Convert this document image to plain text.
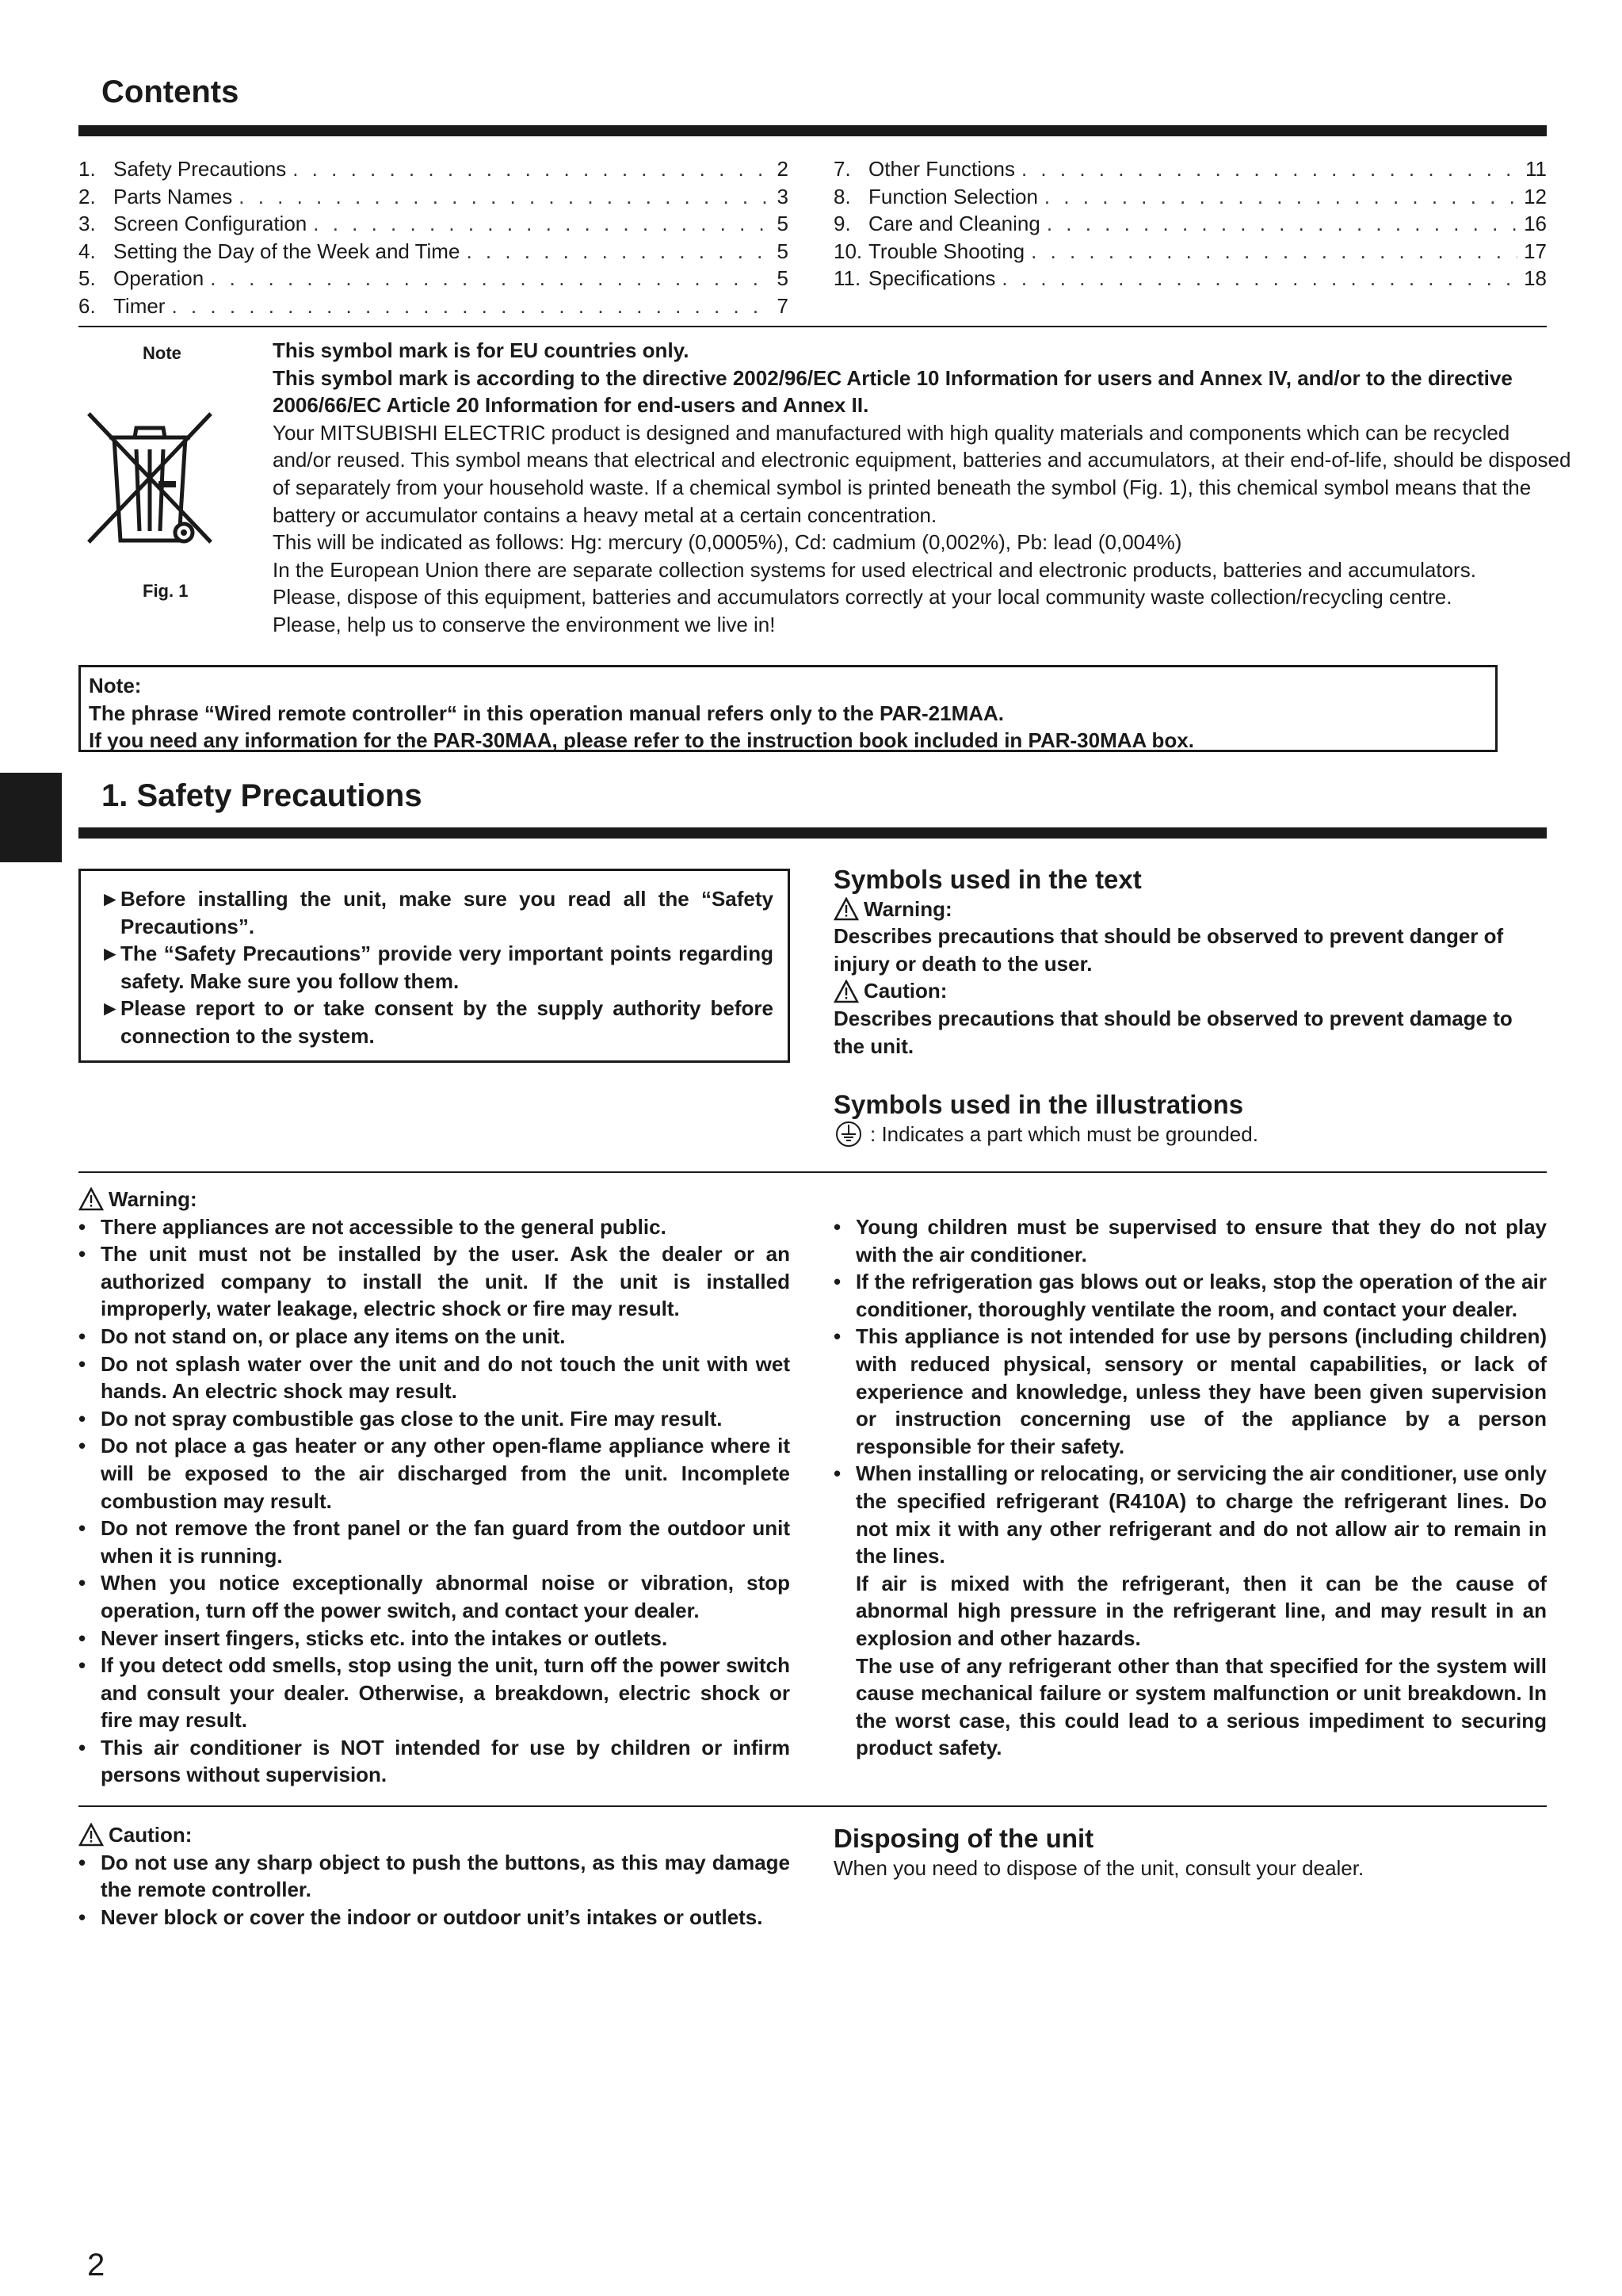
Contents
1. Safety Precautions . . .	2
2. Parts Names . . .	3
3. Screen Configuration . . .	5
4. Setting the Day of the Week and Time . . .	5
5. Operation . . .	5
6. Timer . . .	7
7. Other Functions . . .	11
8. Function Selection . . .	12
9. Care and Cleaning . . .	16
10. Trouble Shooting . . .	17
11. Specifications . . .	18
Note
Fig. 1

This symbol mark is for EU countries only.

This symbol mark is according to the directive 2002/96/EC Article 10 Information for users and Annex IV, and/or to the directive 2006/66/EC Article 20 Information for end-users and Annex II.

Your MITSUBISHI ELECTRIC product is designed and manufactured with high quality materials and components which can be recycled and/or reused. This symbol means that electrical and electronic equipment, batteries and accumulators, at their end-of-life, should be disposed of separately from your household waste. If a chemical symbol is printed beneath the symbol (Fig. 1), this chemical symbol means that the battery or accumulator contains a heavy metal at a certain concentration.

This will be indicated as follows: Hg: mercury (0,0005%), Cd: cadmium (0,002%), Pb: lead (0,004%)

In the European Union there are separate collection systems for used electrical and electronic products, batteries and accumulators.

Please, dispose of this equipment, batteries and accumulators correctly at your local community waste collection/recycling centre.

Please, help us to conserve the environment we live in!

Note:

The phrase “Wired remote controller“ in this operation manual refers only to the PAR-21MAA.

If you need any information for the PAR-30MAA, please refer to the instruction book included in PAR-30MAA box.

1. Safety Precautions
► Before installing the unit, make sure you read all the “Safety Precautions”.
► The “Safety Precautions” provide very important points regarding safety. Make sure you follow them.
► Please report to or take consent by the supply authority before connection to the system.
Symbols used in the text
Warning:
Describes precautions that should be observed to prevent danger of injury or death to the user.
Caution:
Describes precautions that should be observed to prevent damage to the unit.
Symbols used in the illustrations
: Indicates a part which must be grounded.
Warning:
• There appliances are not accessible to the general public.
• The unit must not be installed by the user. Ask the dealer or an authorized company to install the unit. If the unit is installed improperly, water leakage, electric shock or fire may result.
• Do not stand on, or place any items on the unit.
• Do not splash water over the unit and do not touch the unit with wet hands. An electric shock may result.
• Do not spray combustible gas close to the unit. Fire may result.
• Do not place a gas heater or any other open-flame appliance where it will be exposed to the air discharged from the unit. Incomplete combustion may result.
• Do not remove the front panel or the fan guard from the outdoor unit when it is running.
• When you notice exceptionally abnormal noise or vibration, stop operation, turn off the power switch, and contact your dealer.
• Never insert fingers, sticks etc. into the intakes or outlets.
• If you detect odd smells, stop using the unit, turn off the power switch and consult your dealer. Otherwise, a breakdown, electric shock or fire may result.
• This air conditioner is NOT intended for use by children or infirm persons without supervision.
• Young children must be supervised to ensure that they do not play with the air conditioner.
• If the refrigeration gas blows out or leaks, stop the operation of the air conditioner, thoroughly ventilate the room, and contact your dealer.
• This appliance is not intended for use by persons (including children) with reduced physical, sensory or mental capabilities, or lack of experience and knowledge, unless they have been given supervision or instruction concerning use of the appliance by a person responsible for their safety.
• When installing or relocating, or servicing the air conditioner, use only the specified refrigerant (R410A) to charge the refrigerant lines. Do not mix it with any other refrigerant and do not allow air to remain in the lines.

If air is mixed with the refrigerant, then it can be the cause of abnormal high pressure in the refrigerant line, and may result in an explosion and other hazards.

The use of any refrigerant other than that specified for the system will cause mechanical failure or system malfunction or unit breakdown. In the worst case, this could lead to a serious impediment to securing product safety.

Caution:
• Do not use any sharp object to push the buttons, as this may damage the remote controller.
• Never block or cover the indoor or outdoor unit’s intakes or outlets.
Disposing of the unit
When you need to dispose of the unit, consult your dealer.
2
